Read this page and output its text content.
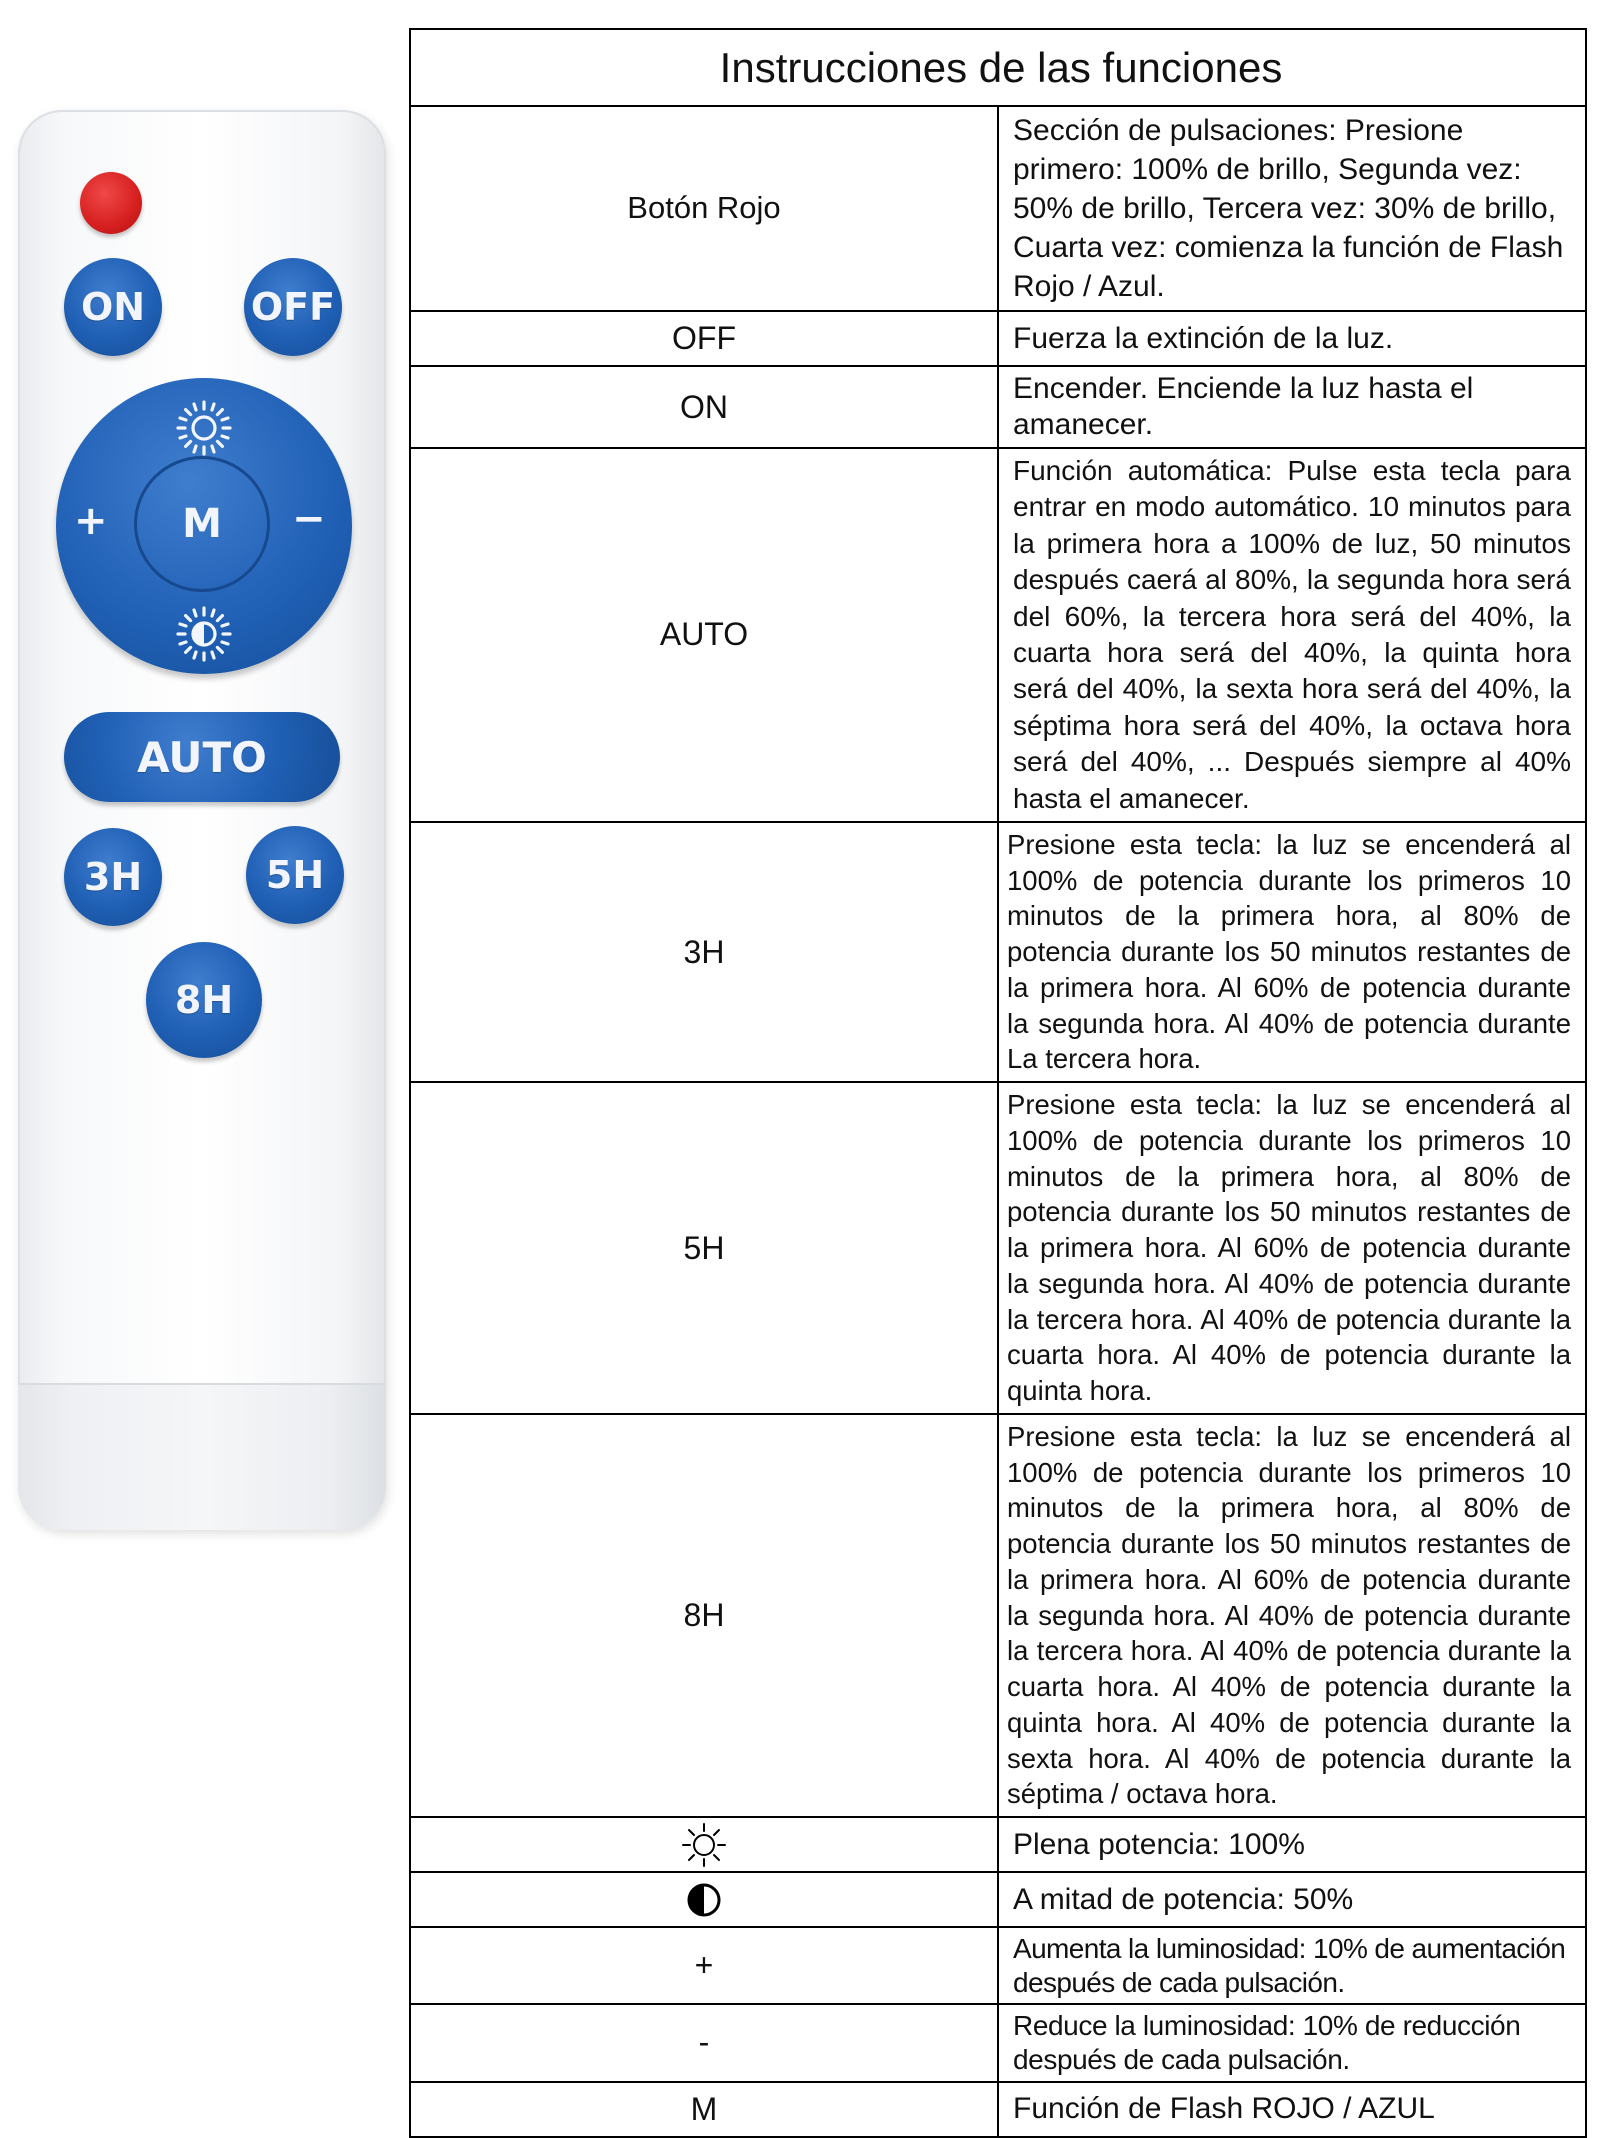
ON	OFF
+	−
M
AUTO
3H	5H
8H
Instrucciones de las funciones	
Botón Rojo	Sección de pulsaciones: Presione primero: 100% de brillo, Segunda vez: 50% de brillo, Tercera vez: 30% de brillo, Cuarta vez: comienza la función de Flash Rojo / Azul.
OFF	Fuerza la extinción de la luz.
ON	Encender. Enciende la luz hasta el amanecer.
AUTO	Función automática: Pulse esta tecla para entrar en modo automático. 10 minutos para la primera hora a 100% de luz, 50 minutos después caerá al 80%, la segunda hora será del 60%, la tercera hora será del 40%, la cuarta hora será del 40%, la quinta hora será del 40%, la sexta hora será del 40%, la séptima hora será del 40%, la octava hora será del 40%, ... Después siempre al 40% hasta el amanecer.
3H	Presione esta tecla: la luz se encenderá al 100% de potencia durante los primeros 10 minutos de la primera hora, al 80% de potencia durante los 50 minutos restantes de la primera hora. Al 60% de potencia durante la segunda hora. Al 40% de potencia durante La tercera hora.
5H	Presione esta tecla: la luz se encenderá al 100% de potencia durante los primeros 10 minutos de la primera hora, al 80% de potencia durante los 50 minutos restantes de la primera hora. Al 60% de potencia durante la segunda hora. Al 40% de potencia durante la tercera hora. Al 40% de potencia durante la cuarta hora. Al 40% de potencia durante la quinta hora.
8H	Presione esta tecla: la luz se encenderá al 100% de potencia durante los primeros 10 minutos de la primera hora, al 80% de potencia durante los 50 minutos restantes de la primera hora. Al 60% de potencia durante la segunda hora. Al 40% de potencia durante la tercera hora. Al 40% de potencia durante la cuarta hora. Al 40% de potencia durante la quinta hora. Al 40% de potencia durante la sexta hora. Al 40% de potencia durante la séptima / octava hora.

	Plena potencia: 100%

	A mitad de potencia: 50%
+	Aumenta la luminosidad: 10% de aumentación después de cada pulsación.
-	Reduce la luminosidad: 10% de reducción después de cada pulsación.
M	Función de Flash ROJO / AZUL
